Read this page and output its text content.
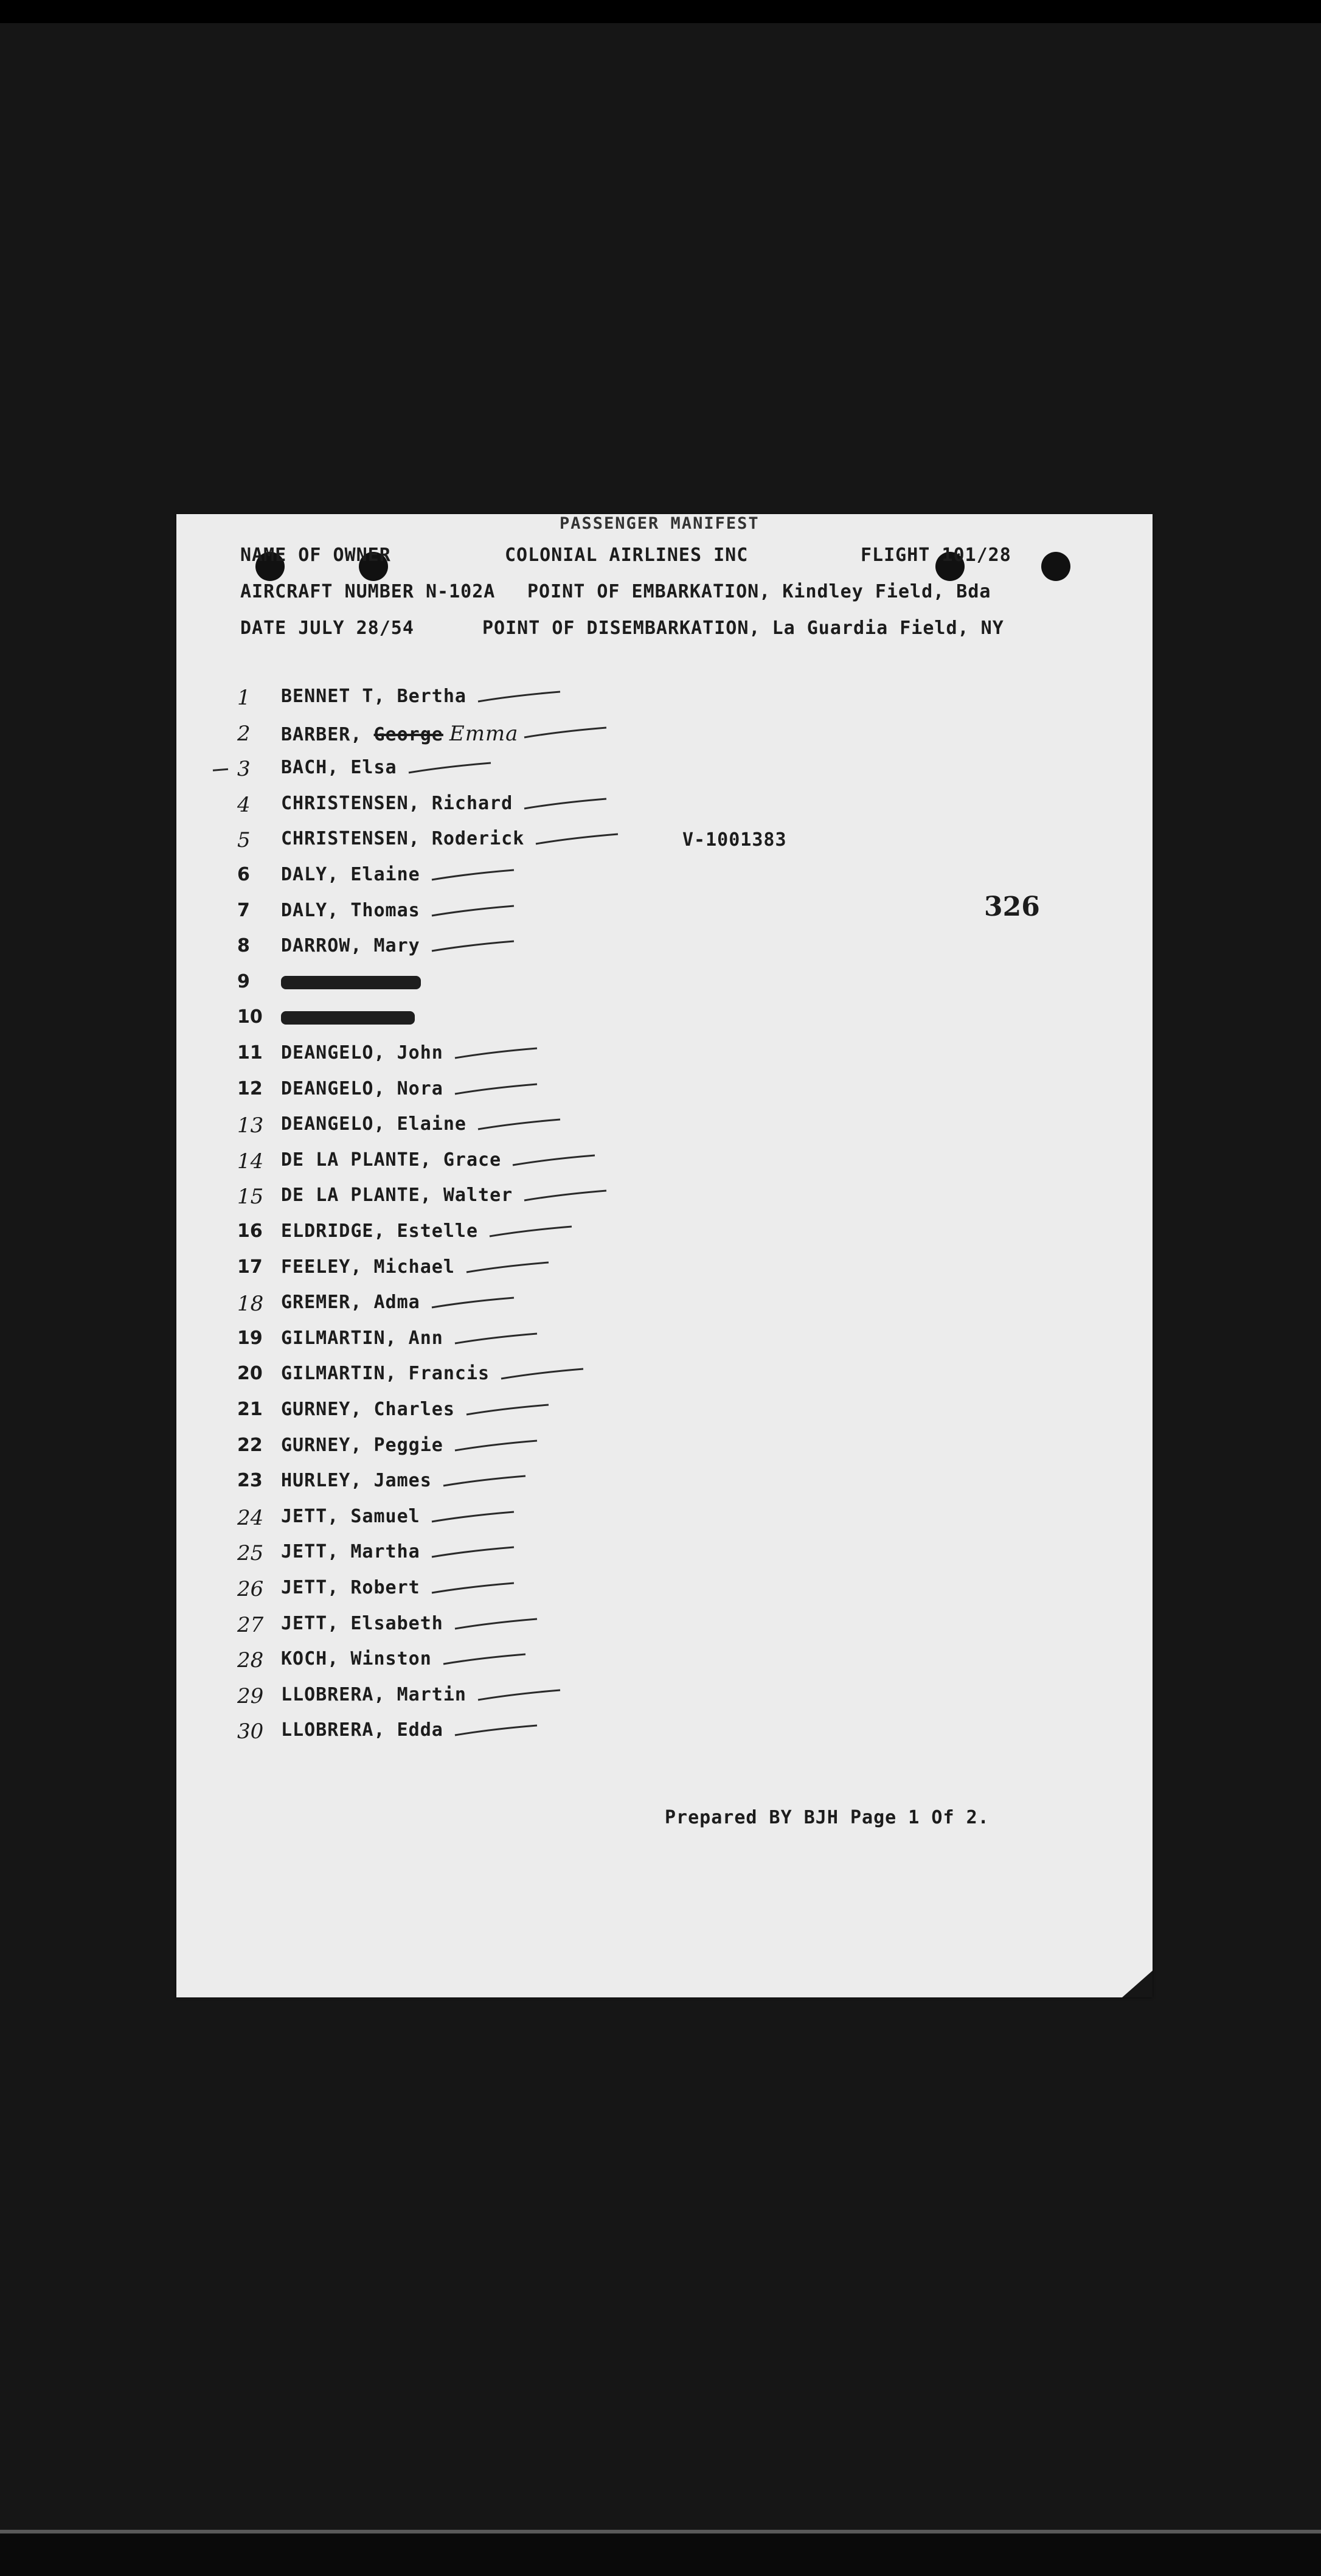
PASSENGER MANIFEST
NAME OF OWNER	COLONIAL AIRLINES INC	FLIGHT 101/28
AIRCRAFT NUMBER N-102A POINT OF EMBARKATION, Kindley Field, Bda
DATE JULY 28/54	POINT OF DISEMBARKATION, La Guardia Field, NY
1 BENNET T, Bertha
2 BARBER, George Emma
3 BACH, Elsa
4 CHRISTENSEN, Richard
5 CHRISTENSEN, Roderick
6 DALY, Elaine
7 DALY, Thomas
8 DARROW, Mary
9
10
11 DEANGELO, John
12 DEANGELO, Nora
13 DEANGELO, Elaine
14 DE LA PLANTE, Grace
15 DE LA PLANTE, Walter
16 ELDRIDGE, Estelle
17 FEELEY, Michael
18 GREMER, Adma
19 GILMARTIN, Ann
20 GILMARTIN, Francis
21 GURNEY, Charles
22 GURNEY, Peggie
23 HURLEY, James
24 JETT, Samuel
25 JETT, Martha
26 JETT, Robert
27 JETT, Elsabeth
28 KOCH, Winston
29 LLOBRERA, Martin
30 LLOBRERA, Edda
V-1001383
326
Prepared BY BJH Page 1 Of 2.
